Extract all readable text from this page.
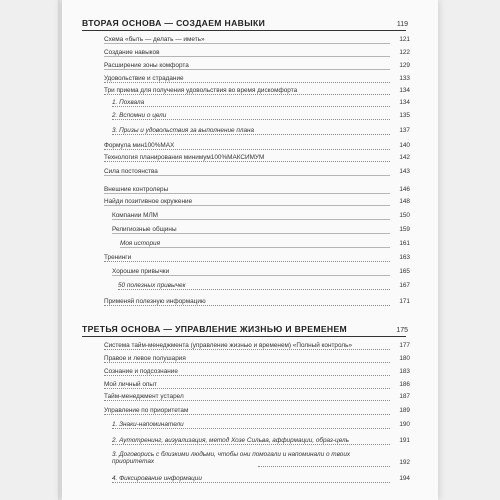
ВТОРАЯ ОСНОВА — СОЗДАЕМ НАВЫКИ	119
Схема «быть — делать — иметь»	121
Создание навыков	122
Расширение зоны комфорта	129
Удовольствие и страдание	133
Три приема для получения удовольствия во время дискомфорта	134
1. Похвала	134
2. Вспомни о цели	135
3. Призы и удовольствия за выполнение плана	137
Формула мин100%МАХ	140
Технология планирования минимум100%МАКСИМУМ	142
Сила постоянства	143
Внешние контролеры	146
Найди позитивное окружение	148
Компании МЛМ	150
Религиозные общины	159
Моя история	161
Тренинги	163
Хорошие привычки	165
50 полезных привычек	167
Применяй полезную информацию	171
ТРЕТЬЯ ОСНОВА — УПРАВЛЕНИЕ ЖИЗНЬЮ И ВРЕМЕНЕМ	175
Система тайм-менеджмента (управление жизнью и временем) «Полный контроль»	177
Правое и левое полушария	180
Сознание и подсознание	183
Мой личный опыт	186
Тайм-менеджмент устарел	187
Управление по приоритетам	189
1. Знаки-напоминатели	190
2. Аутотренинг, визуализация, метод Хозе Сильва, аффирмации, образ-цель	191
3. Договорись с близкими людьми, чтобы они помогали и напоминали о твоих приоритетах	192
4. Фиксирование информации	194
